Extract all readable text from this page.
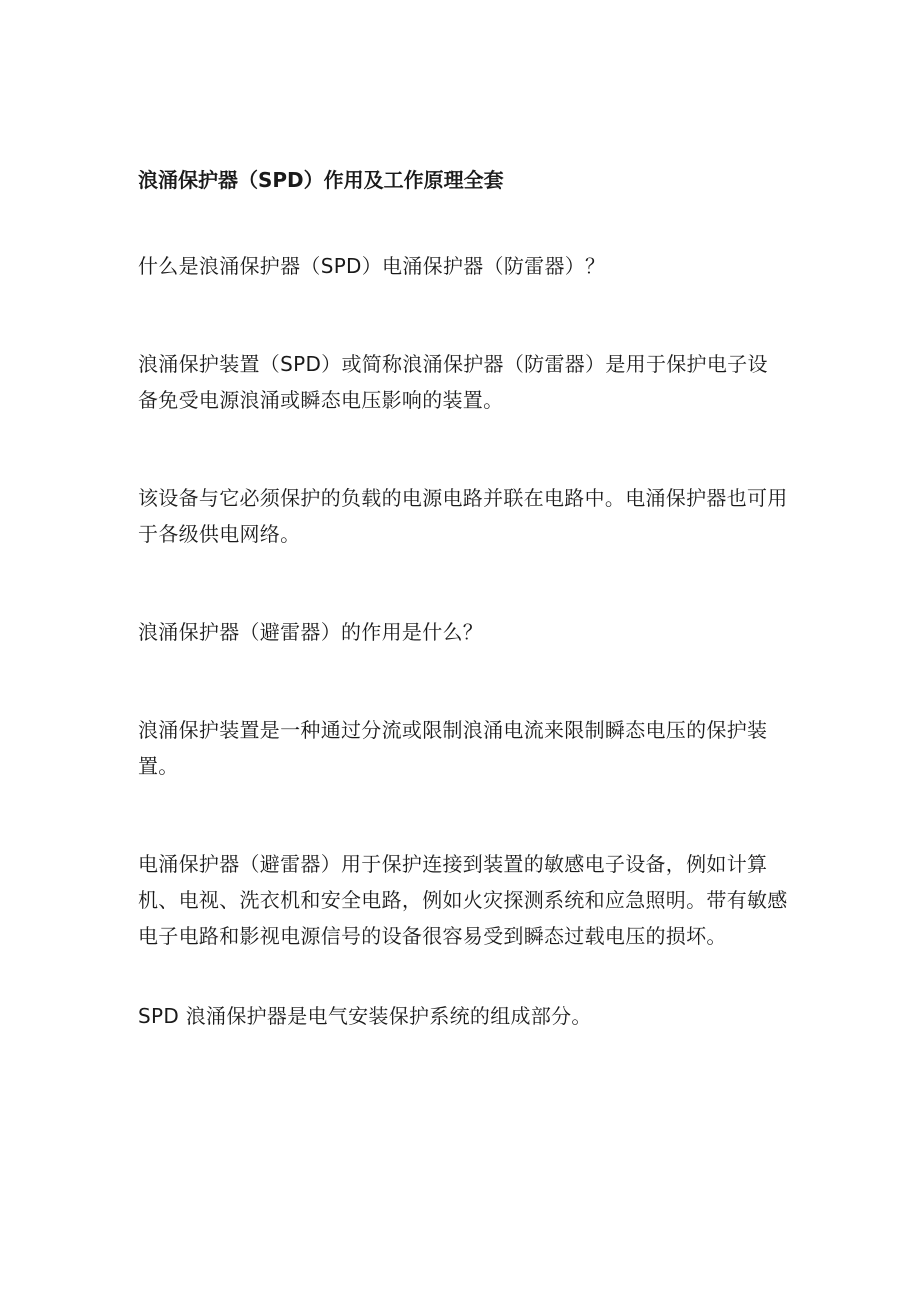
浪涌保护器（SPD）作用及工作原理全套

什么是浪涌保护器（SPD）电涌保护器（防雷器）？

浪涌保护装置（SPD）或简称浪涌保护器（防雷器）是用于保护电子设备免受电源浪涌或瞬态电压影响的装置。

该设备与它必须保护的负载的电源电路并联在电路中。电涌保护器也可用于各级供电网络。

浪涌保护器（避雷器）的作用是什么？

浪涌保护装置是一种通过分流或限制浪涌电流来限制瞬态电压的保护装置。

电涌保护器（避雷器）用于保护连接到装置的敏感电子设备，例如计算机、电视、洗衣机和安全电路，例如火灾探测系统和应急照明。带有敏感电子电路和影视电源信号的设备很容易受到瞬态过载电压的损坏。

SPD 浪涌保护器是电气安装保护系统的组成部分。
